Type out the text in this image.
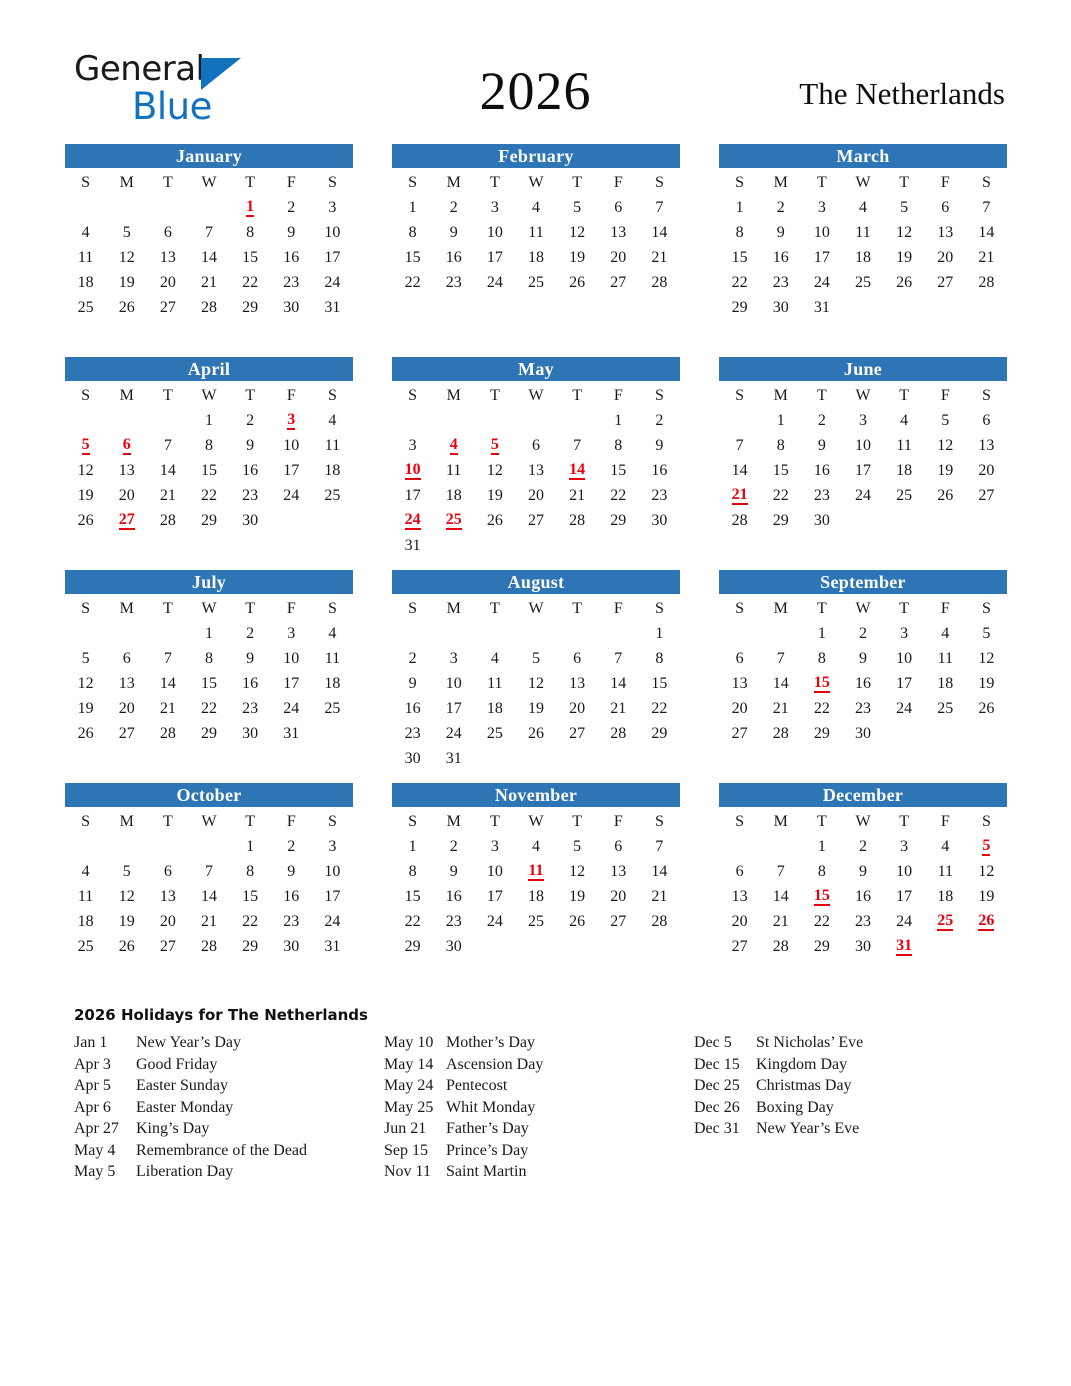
General
Blue	2026	The Netherlands
January
S	M	T	W	T	F	S
				1	2	3
4	5	6	7	8	9	10
11	12	13	14	15	16	17
18	19	20	21	22	23	24
25	26	27	28	29	30	31
February
S	M	T	W	T	F	S
1	2	3	4	5	6	7
8	9	10	11	12	13	14
15	16	17	18	19	20	21
22	23	24	25	26	27	28
March
S	M	T	W	T	F	S
1	2	3	4	5	6	7
8	9	10	11	12	13	14
15	16	17	18	19	20	21
22	23	24	25	26	27	28
29	30	31				
April
S	M	T	W	T	F	S
			1	2	3	4
5	6	7	8	9	10	11
12	13	14	15	16	17	18
19	20	21	22	23	24	25
26	27	28	29	30		
May
S	M	T	W	T	F	S
					1	2
3	4	5	6	7	8	9
10	11	12	13	14	15	16
17	18	19	20	21	22	23
24	25	26	27	28	29	30
31						
June
S	M	T	W	T	F	S
	1	2	3	4	5	6
7	8	9	10	11	12	13
14	15	16	17	18	19	20
21	22	23	24	25	26	27
28	29	30				
July
S	M	T	W	T	F	S
			1	2	3	4
5	6	7	8	9	10	11
12	13	14	15	16	17	18
19	20	21	22	23	24	25
26	27	28	29	30	31	
August
S	M	T	W	T	F	S
						1
2	3	4	5	6	7	8
9	10	11	12	13	14	15
16	17	18	19	20	21	22
23	24	25	26	27	28	29
30	31					
September
S	M	T	W	T	F	S
		1	2	3	4	5
6	7	8	9	10	11	12
13	14	15	16	17	18	19
20	21	22	23	24	25	26
27	28	29	30			
October
S	M	T	W	T	F	S
				1	2	3
4	5	6	7	8	9	10
11	12	13	14	15	16	17
18	19	20	21	22	23	24
25	26	27	28	29	30	31
November
S	M	T	W	T	F	S
1	2	3	4	5	6	7
8	9	10	11	12	13	14
15	16	17	18	19	20	21
22	23	24	25	26	27	28
29	30					
December
S	M	T	W	T	F	S
		1	2	3	4	5
6	7	8	9	10	11	12
13	14	15	16	17	18	19
20	21	22	23	24	25	26
27	28	29	30	31		
2026 Holidays for The Netherlands
Jan 1	New Year’s Day
Apr 3	Good Friday
Apr 5	Easter Sunday
Apr 6	Easter Monday
Apr 27	King’s Day
May 4	Remembrance of the Dead
May 5	Liberation Day
May 10 Mother’s Day
May 14 Ascension Day
May 24 Pentecost
May 25 Whit Monday
Jun 21	Father’s Day
Sep 15	Prince’s Day
Nov 11 Saint Martin
Dec 5	St Nicholas’ Eve
Dec 15	Kingdom Day
Dec 25	Christmas Day
Dec 26	Boxing Day
Dec 31	New Year’s Eve
